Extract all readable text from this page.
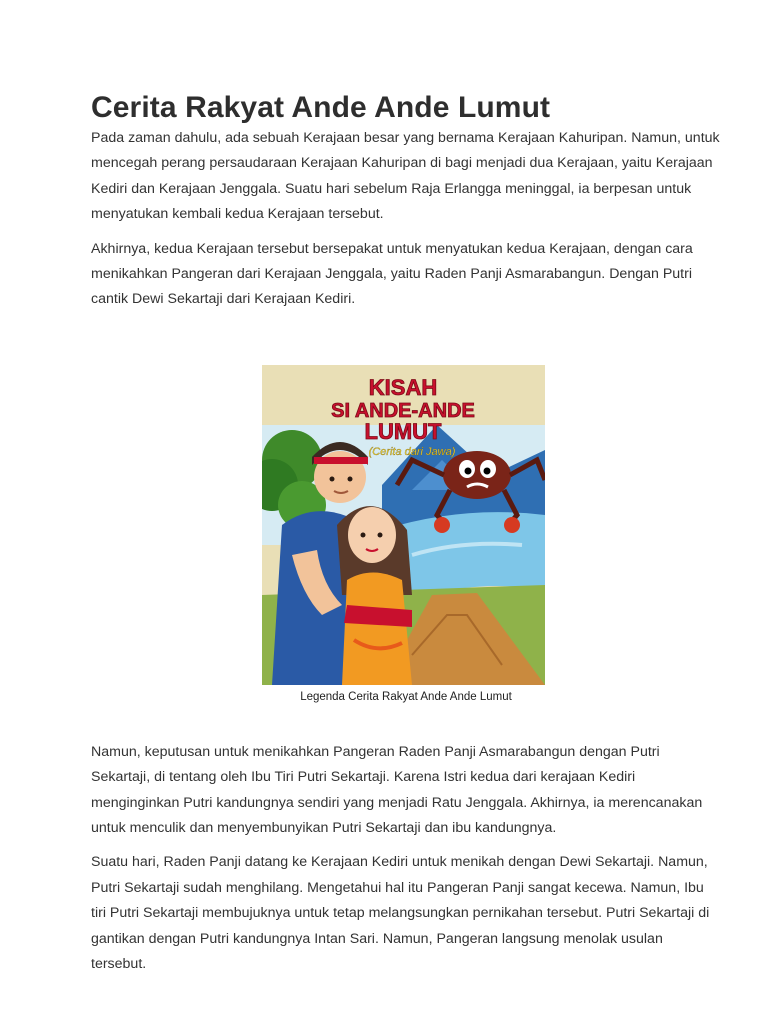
Cerita Rakyat Ande Ande Lumut

Pada zaman dahulu, ada sebuah Kerajaan besar yang bernama Kerajaan Kahuripan. Namun, untuk mencegah perang persaudaraan Kerajaan Kahuripan di bagi menjadi dua Kerajaan, yaitu Kerajaan Kediri dan Kerajaan Jenggala. Suatu hari sebelum Raja Erlangga meninggal, ia berpesan untuk menyatukan kembali kedua Kerajaan tersebut.

Akhirnya, kedua Kerajaan tersebut bersepakat untuk menyatukan kedua Kerajaan, dengan cara menikahkan Pangeran dari Kerajaan Jenggala, yaitu Raden Panji Asmarabangun. Dengan Putri cantik Dewi Sekartaji dari Kerajaan Kediri.

KISAH
SI ANDE-ANDE
LUMUT
(Cerita dari Jawa)
Legenda Cerita Rakyat Ande Ande Lumut

Namun, keputusan untuk menikahkan Pangeran Raden Panji Asmarabangun dengan Putri Sekartaji, di tentang oleh Ibu Tiri Putri Sekartaji. Karena Istri kedua dari kerajaan Kediri menginginkan Putri kandungnya sendiri yang menjadi Ratu Jenggala. Akhirnya, ia merencanakan untuk menculik dan menyembunyikan Putri Sekartaji dan ibu kandungnya.

Suatu hari, Raden Panji datang ke Kerajaan Kediri untuk menikah dengan Dewi Sekartaji. Namun, Putri Sekartaji sudah menghilang. Mengetahui hal itu Pangeran Panji sangat kecewa. Namun, Ibu tiri Putri Sekartaji membujuknya untuk tetap melangsungkan pernikahan tersebut. Putri Sekartaji di gantikan dengan Putri kandungnya Intan Sari. Namun, Pangeran langsung menolak usulan tersebut.
